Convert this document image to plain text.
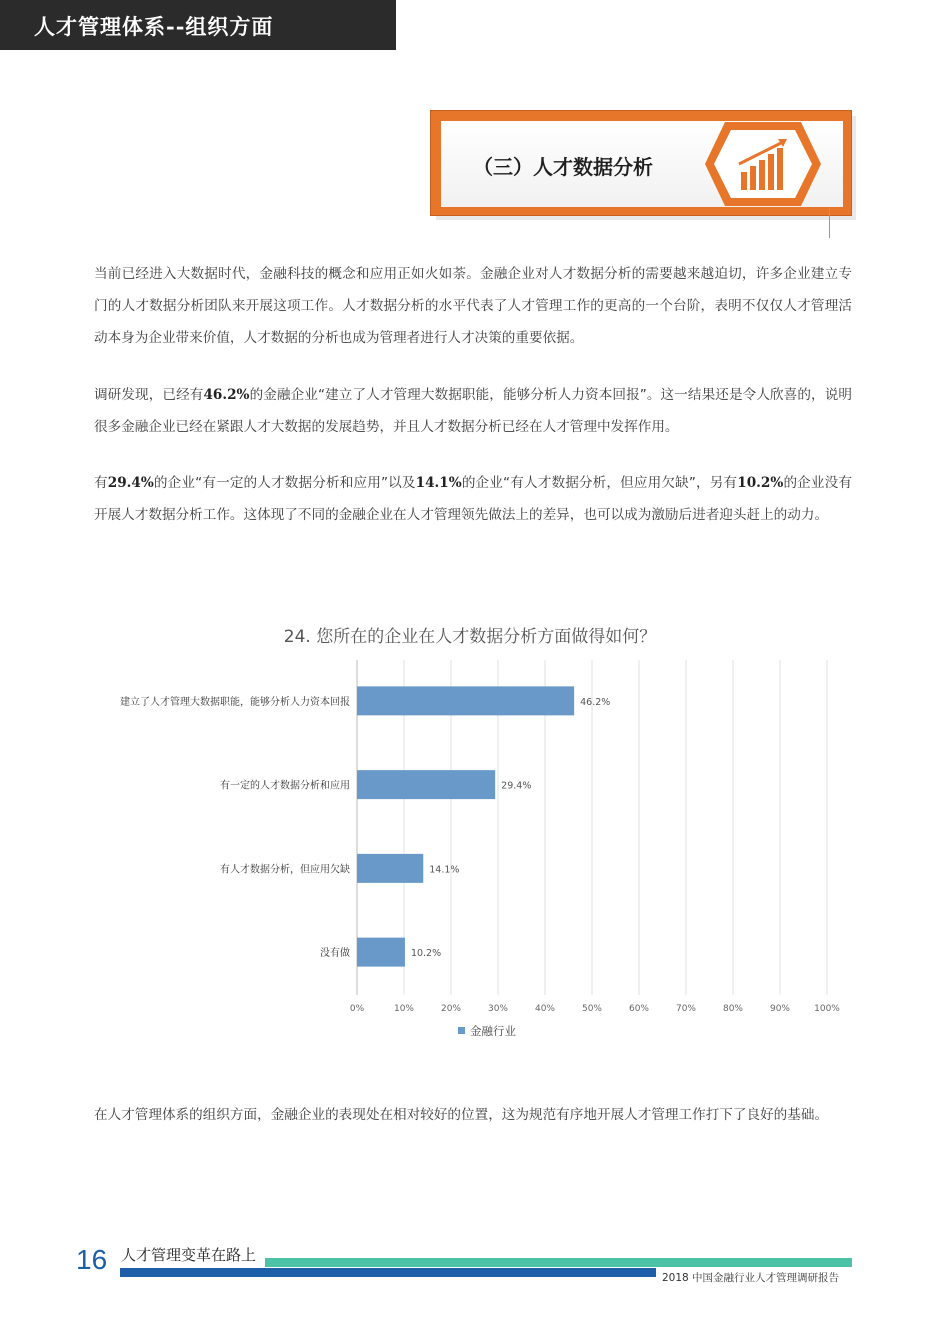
人才管理体系--组织方面
（三）人才数据分析

当前已经进入大数据时代，金融科技的概念和应用正如火如荼。金融企业对人才数据分析的需要越来越迫切，许多企业建立专门的人才数据分析团队来开展这项工作。人才数据分析的水平代表了人才管理工作的更高的一个台阶，表明不仅仅人才管理活动本身为企业带来价值，人才数据的分析也成为管理者进行人才决策的重要依据。

调研发现，已经有46.2%的金融企业“建立了人才管理大数据职能，能够分析人力资本回报”。这一结果还是令人欣喜的，说明很多金融企业已经在紧跟人才大数据的发展趋势，并且人才数据分析已经在人才管理中发挥作用。

有29.4%的企业“有一定的人才数据分析和应用”以及14.1%的企业“有人才数据分析，但应用欠缺”，另有10.2%的企业没有开展人才数据分析工作。这体现了不同的金融企业在人才管理领先做法上的差异，也可以成为激励后进者迎头赶上的动力。

24. 您所在的企业在人才数据分析方面做得如何？
0%	10%	20%	30%	40%	50%	60%	70%	80%	90%	100%
建立了人才管理大数据职能，能够分析人力资本回报	46.2%
有一定的人才数据分析和应用	29.4%
有人才数据分析，但应用欠缺	14.1%
没有做	10.2%
金融行业

在人才管理体系的组织方面，金融企业的表现处在相对较好的位置，这为规范有序地开展人才管理工作打下了良好的基础。

16 人才管理变革在路上
2018 中国金融行业人才管理调研报告
